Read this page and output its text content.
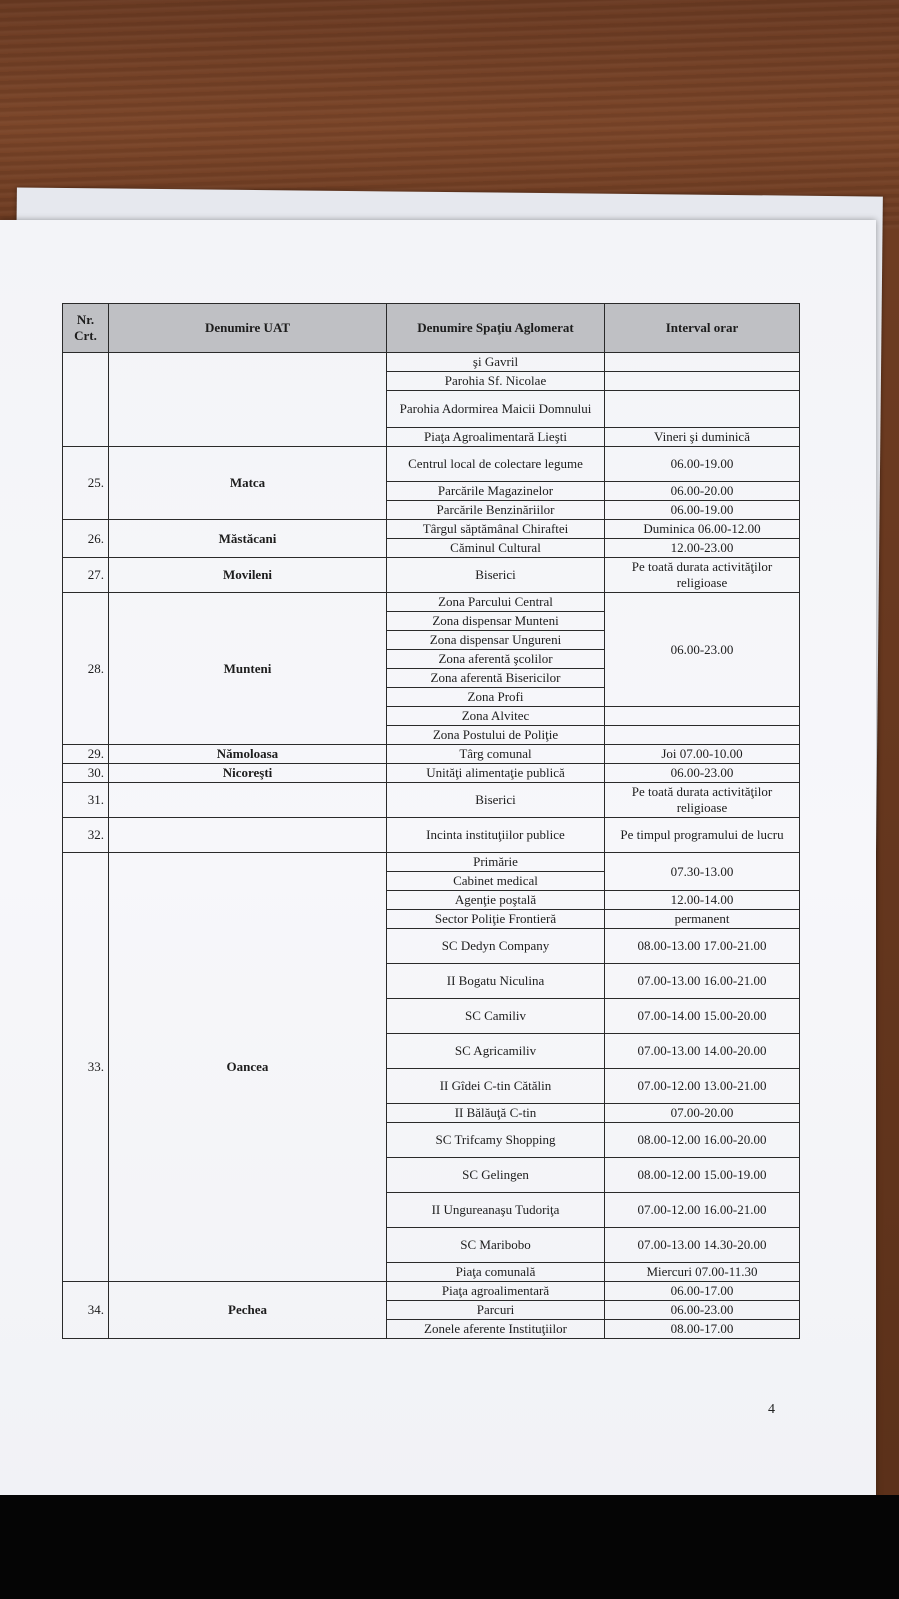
Nr. Crt.	Denumire UAT	Denumire Spaţiu Aglomerat	Interval orar
		şi Gavril	
		Parohia Sf. Nicolae	
		Parohia Adormirea Maicii Domnului	
		Piaţa Agroalimentară Lieşti	Vineri şi duminică
25.	Matca	Centrul local de colectare legume	06.00-19.00
		Parcările Magazinelor	06.00-20.00
		Parcările Benzinăriilor	06.00-19.00
26.	Măstăcani	Târgul săptămânal Chiraftei	Duminica 06.00-12.00
		Căminul Cultural	12.00-23.00
27.	Movileni	Biserici	Pe toată durata activităţilor religioase
28.	Munteni	Zona Parcului Central	06.00-23.00
		Zona dispensar Munteni	
		Zona dispensar Ungureni	
		Zona aferentă şcolilor	
		Zona aferentă Bisericilor	
		Zona Profi	
		Zona Alvitec	
		Zona Postului de Poliţie	
29.	Nămoloasa	Târg comunal	Joi 07.00-10.00
30.	Nicoreşti	Unităţi alimentaţie publică	06.00-23.00
31.		Biserici	Pe toată durata activităţilor religioase
32.		Incinta instituţiilor publice	Pe timpul programului de lucru
33.	Oancea	Primărie	07.30-13.00
		Cabinet medical	
		Agenţie poştală	12.00-14.00
		Sector Poliţie Frontieră	permanent
		SC Dedyn Company	08.00-13.00 17.00-21.00
		II Bogatu Niculina	07.00-13.00 16.00-21.00
		SC Camiliv	07.00-14.00 15.00-20.00
		SC Agricamiliv	07.00-13.00 14.00-20.00
		II Gîdei C-tin Cătălin	07.00-12.00 13.00-21.00
		II Bălăuţă C-tin	07.00-20.00
		SC Trifcamy Shopping	08.00-12.00 16.00-20.00
		SC Gelingen	08.00-12.00 15.00-19.00
		II Ungureanaşu Tudoriţa	07.00-12.00 16.00-21.00
		SC Maribobo	07.00-13.00 14.30-20.00
		Piaţa comunală	Miercuri 07.00-11.30
34.	Pechea	Piaţa agroalimentară	06.00-17.00
		Parcuri	06.00-23.00
		Zonele aferente Instituţiilor	08.00-17.00
4
